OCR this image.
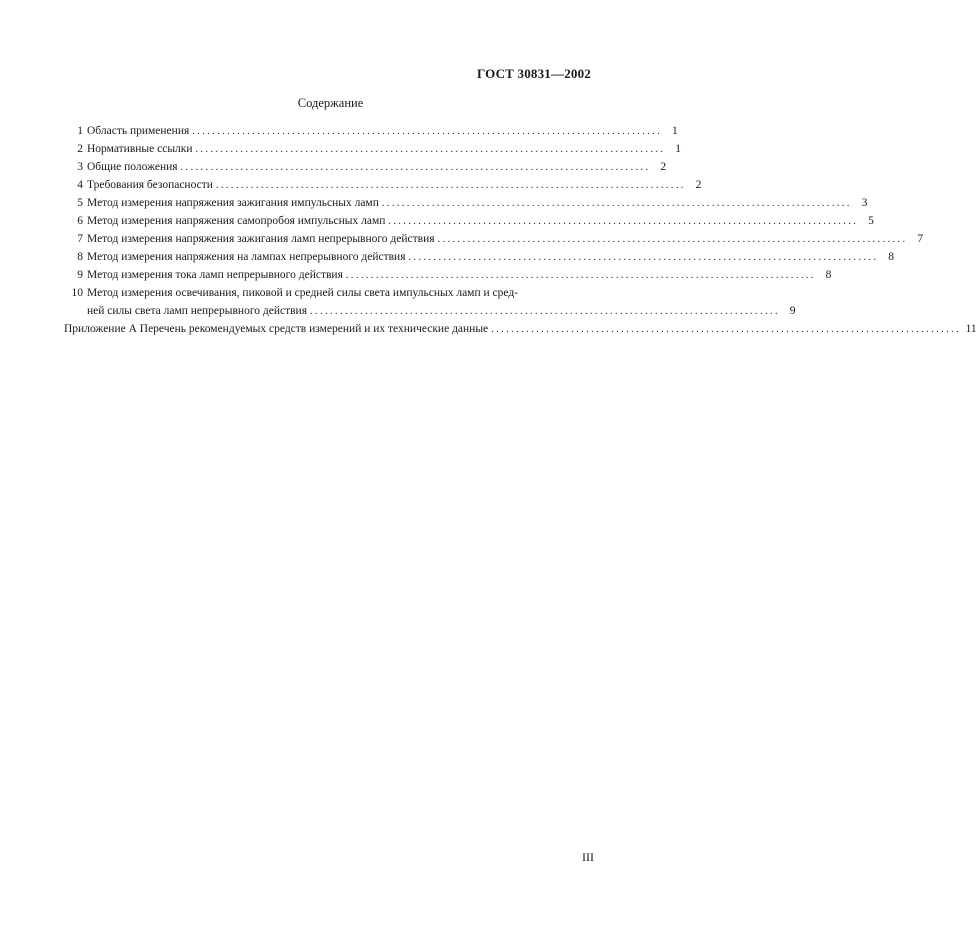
ГОСТ 30831—2002
Содержание
1 Область применения . . .	1
2 Нормативные ссылки . . .	1
3 Общие положения . . .	2
4 Требования безопасности . . .	2
5 Метод измерения напряжения зажигания импульсных ламп . . .	3
6 Метод измерения напряжения самопробоя импульсных ламп . . .	5
7 Метод измерения напряжения зажигания ламп непрерывного действия . . .	7
8 Метод измерения напряжения на лампах непрерывного действия . . .	8
9 Метод измерения тока ламп непрерывного действия . . .	8
10 Метод измерения освечивания, пиковой и средней силы света импульсных ламп и сред-
ней силы света ламп непрерывного действия . . .	9
Приложение А Перечень рекомендуемых средств измерений и их технические данные . . .	11
III
